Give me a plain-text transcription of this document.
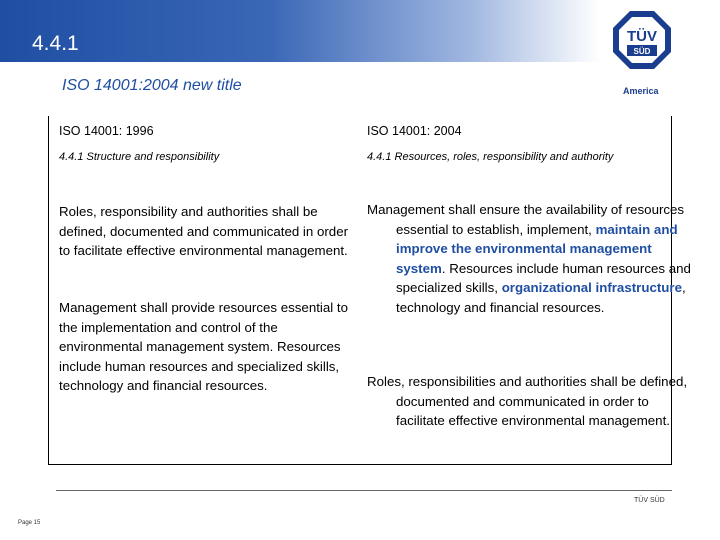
4.4.1
ISO 14001:2004 new title
TÜV
SÜD
America
ISO 14001: 1996
4.4.1 Structure and responsibility
Roles, responsibility and authorities shall be defined, documented and communicated in order to facilitate effective environmental management.
Management shall provide resources essential to the implementation and control of the environmental management system. Resources include human resources and specialized skills, technology and financial resources.
ISO 14001: 2004
4.4.1 Resources, roles, responsibility and authority
Management shall ensure the availability of resources essential to establish, implement, maintain and improve the environmental management system. Resources include human resources and specialized skills, organizational infrastructure, technology and financial resources.
Roles, responsibilities and authorities shall be defined, documented and communicated in order to facilitate effective environmental management.
TÜV SÜD
Page 15
